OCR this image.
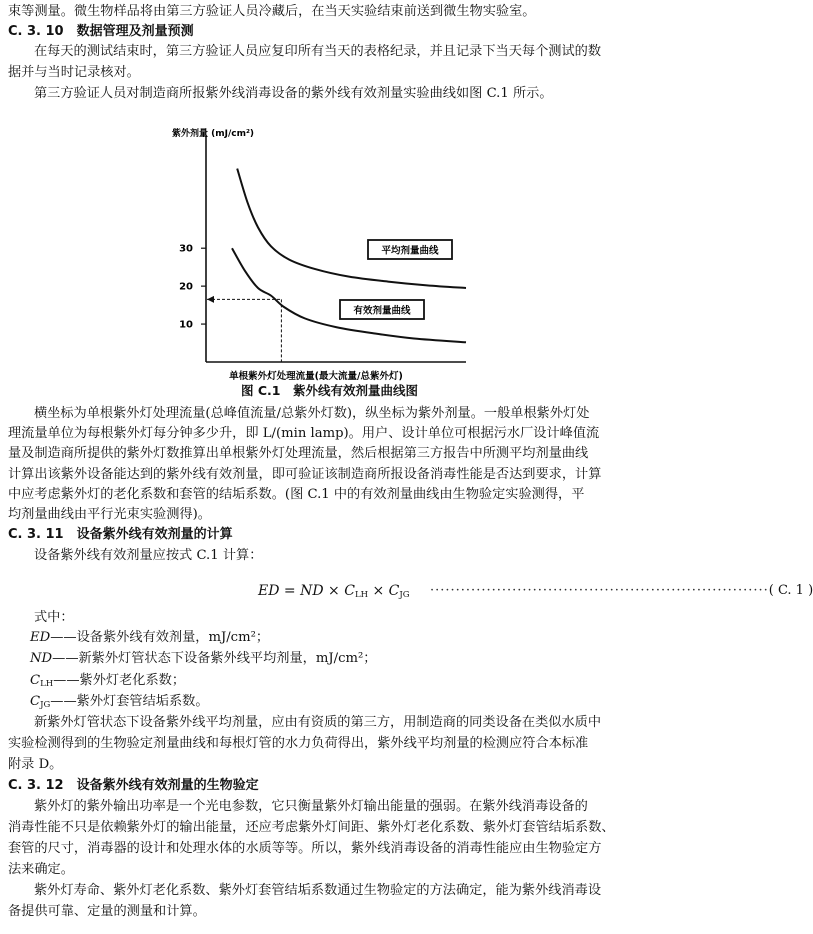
束等测量。微生物样品将由第三方验证人员冷藏后，在当天实验结束前送到微生物实验室。
C. 3. 10　 数据管理及剂量预测
在每天的测试结束时，第三方验证人员应复印所有当天的表格纪录，并且记录下当天每个测试的数
据并与当时记录核对。
第三方验证人员对制造商所报紫外线消毒设备的紫外线有效剂量实验曲线如图 C.1 所示。
紫外剂量 (mJ/cm²)
单根紫外灯处理流量(最大流量/总紫外灯)
10
20
30	平均剂量曲线
有效剂量曲线
图 C.1　紫外线有效剂量曲线图
横坐标为单根紫外灯处理流量(总峰值流量/总紫外灯数)，纵坐标为紫外剂量。一般单根紫外灯处
理流量单位为每根紫外灯每分钟多少升，即 L/(min lamp)。用户、设计单位可根据污水厂设计峰值流
量及制造商所提供的紫外灯数推算出单根紫外灯处理流量，然后根据第三方报告中所测平均剂量曲线
计算出该紫外设备能达到的紫外线有效剂量，即可验证该制造商所报设备消毒性能是否达到要求，计算
中应考虑紫外灯的老化系数和套管的结垢系数。(图 C.1 中的有效剂量曲线由生物验定实验测得，平
均剂量曲线由平行光束实验测得)。
C. 3. 11　 设备紫外线有效剂量的计算
设备紫外线有效剂量应按式 C.1 计算：
ED = ND × $C_{LH} \times C_{JG}$ ·································································· ( C. 1 )
式中：
ED——设备紫外线有效剂量，mJ/cm²；
ND——新紫外灯管状态下设备紫外线平均剂量，mJ/cm²；
$C_{LH}——$紫外灯老化系数；
$C_{JG}——$紫外灯套管结垢系数。
新紫外灯管状态下设备紫外线平均剂量，应由有资质的第三方，用制造商的同类设备在类似水质中
实验检测得到的生物验定剂量曲线和每根灯管的水力负荷得出，紫外线平均剂量的检测应符合本标准
附录 D。
C. 3. 12　 设备紫外线有效剂量的生物验定
紫外灯的紫外输出功率是一个光电参数，它只衡量紫外灯输出能量的强弱。在紫外线消毒设备的
消毒性能不只是依赖紫外灯的输出能量，还应考虑紫外灯间距、紫外灯老化系数、紫外灯套管结垢系数、
套管的尺寸，消毒器的设计和处理水体的水质等等。所以，紫外线消毒设备的消毒性能应由生物验定方
法来确定。
紫外灯寿命、紫外灯老化系数、紫外灯套管结垢系数通过生物验定的方法确定，能为紫外线消毒设
备提供可靠、定量的测量和计算。
